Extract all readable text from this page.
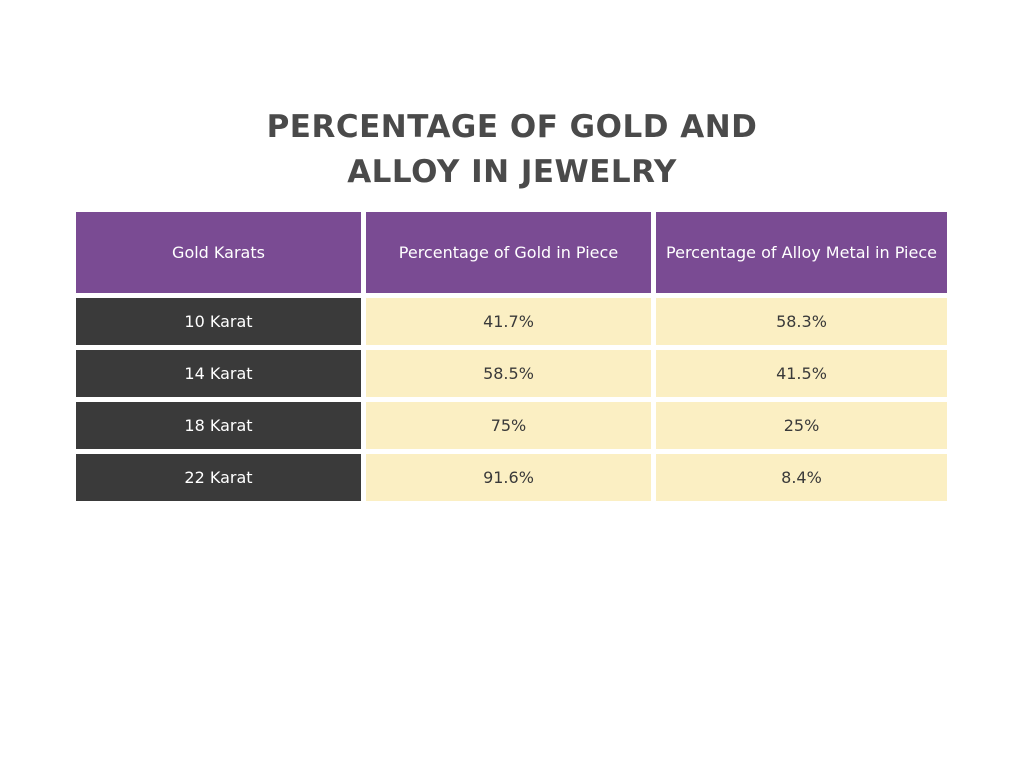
PERCENTAGE OF GOLD AND
ALLOY IN JEWELRY
Gold Karats	Percentage of Gold in Piece	Percentage of Alloy Metal in Piece
10 Karat	41.7%	58.3%
14 Karat	58.5%	41.5%
18 Karat	75%	25%
22 Karat	91.6%	8.4%
